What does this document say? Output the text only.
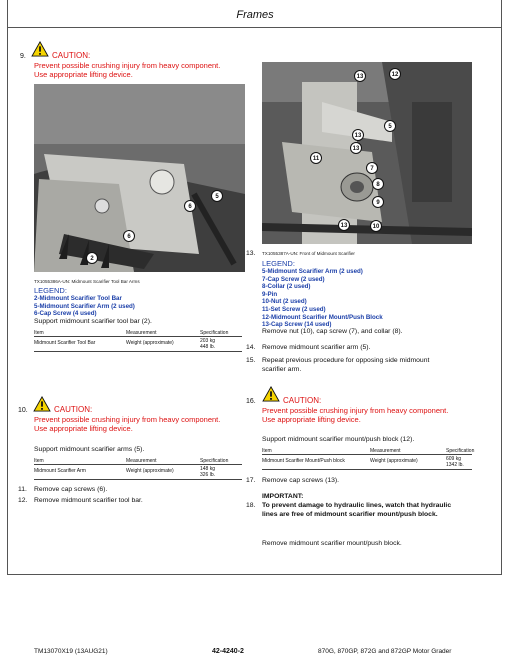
Frames
9.	CAUTION:
Prevent possible crushing injury from heavy component.
Use appropriate lifting device.
5
6
6
2
TX1055386A-UN: Midmount Scarifier Tool Bar Arms
LEGEND:
2-Midmount Scarifier Tool Bar
5-Midmount Scarifier Arm (2 used)
6-Cap Screw (4 used)
Support midmount scarifier tool bar (2).
Item	Measurement	Specification
Midmount Scarifier Tool Bar	Weight (approximate)	203 kg
448 lb.
10.	CAUTION:
Prevent possible crushing injury from heavy component.
Use appropriate lifting device.
Support midmount scarifier arms (5).
Item	Measurement	Specification
Midmount Scarifier Arm	Weight (approximate)	148 kg
326 lb.
11. Remove cap screws (6).
12. Remove midmount scarifier tool bar.
13	12
5
13
13
11
7
8
9
13	10
13. TX1055387A-UN: Front of Midmount Scarifier
LEGEND:
5-Midmount Scarifier Arm (2 used)
7-Cap Screw (2 used)
8-Collar (2 used)
9-Pin
10-Nut (2 used)
11-Set Screw (2 used)
12-Midmount Scarifier Mount/Push Block
13-Cap Screw (14 used)
Remove nut (10), cap screw (7), and collar (8).
14. Remove midmount scarifier arm (5).
15. Repeat previous procedure for opposing side midmount
scarifier arm.
16.	CAUTION:
Prevent possible crushing injury from heavy component.
Use appropriate lifting device.
Support midmount scarifier mount/push block (12).
Item	Measurement	Specification
Midmount Scarifier Mount/Push block	Weight (approximate)	609 kg
1342 lb.
17. Remove cap screws (13).
IMPORTANT:
18. To prevent damage to hydraulic lines, watch that hydraulic
lines are free of midmount scarifier mount/push block.
Remove midmount scarifier mount/push block.
TM13070X19 (13AUG21)	42-4240-2	870G, 870GP, 872G and 872GP Motor Grader
